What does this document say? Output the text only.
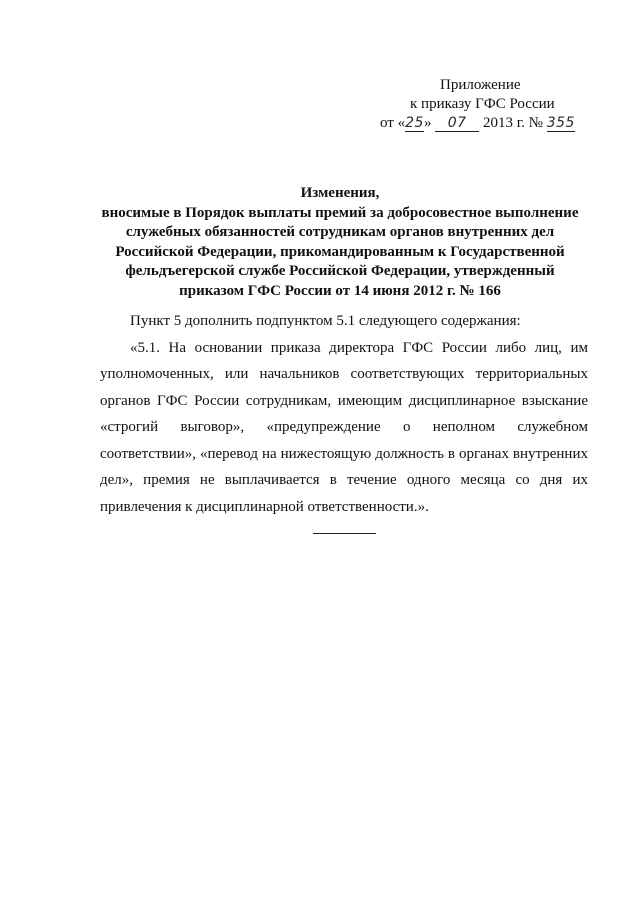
Приложение
к приказу ГФС России
от «25» 07 2013 г. № 355
Изменения,
вносимые в Порядок выплаты премий за добросовестное выполнение
служебных обязанностей сотрудникам органов внутренних дел
Российской Федерации, прикомандированным к Государственной
фельдъегерской службе Российской Федерации, утвержденный
приказом ГФС России от 14 июня 2012 г. № 166

Пункт 5 дополнить подпунктом 5.1 следующего содержания:

«5.1. На основании приказа директора ГФС России либо лиц, им уполномоченных, или начальников соответствующих территориальных органов ГФС России сотрудникам, имеющим дисциплинарное взыскание «строгий выговор», «предупреждение о неполном служебном соответствии», «перевод на нижестоящую должность в органах внутренних дел», премия не выплачивается в течение одного месяца со дня их привлечения к дисциплинарной ответственности.».
